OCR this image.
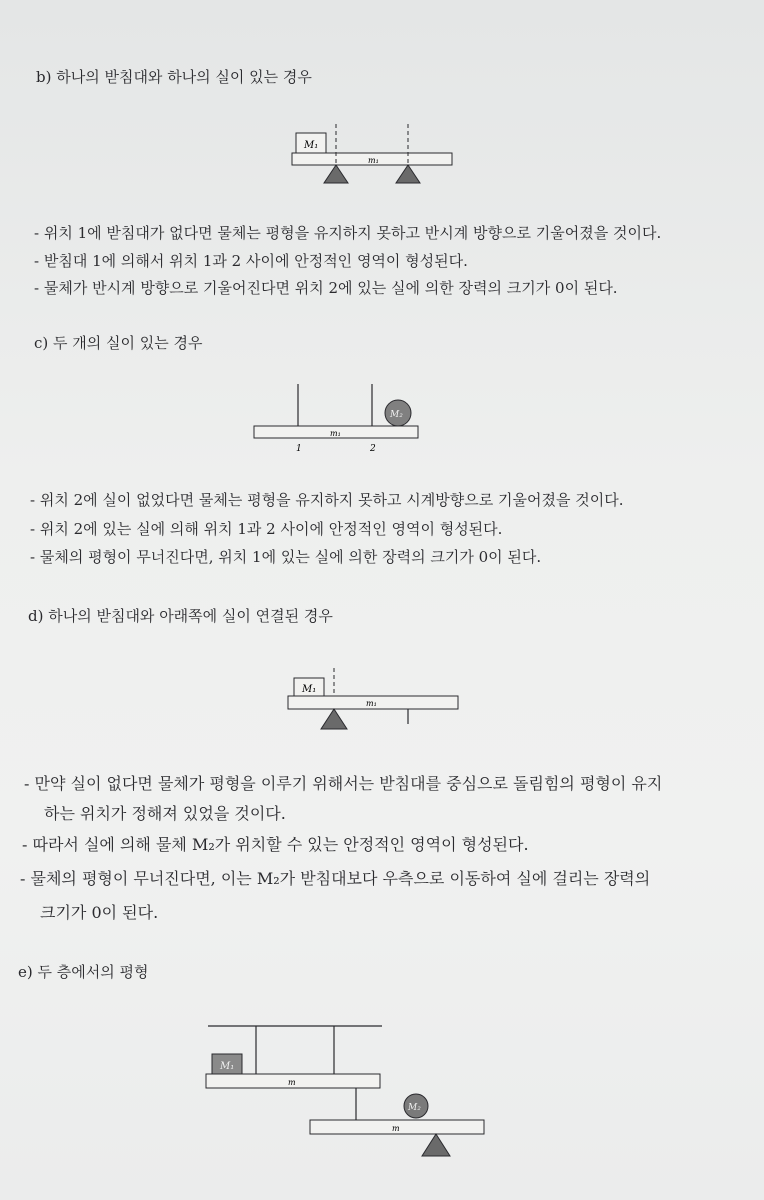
b) 하나의 받침대와 하나의 실이 있는 경우
M₁
m₁
- 위치 1에 받침대가 없다면 물체는 평형을 유지하지 못하고 반시계 방향으로 기울어졌을 것이다.
- 받침대 1에 의해서 위치 1과 2 사이에 안정적인 영역이 형성된다.
- 물체가 반시계 방향으로 기울어진다면 위치 2에 있는 실에 의한 장력의 크기가 0이 된다.
c) 두 개의 실이 있는 경우
M₂
m₁
1	2
- 위치 2에 실이 없었다면 물체는 평형을 유지하지 못하고 시계방향으로 기울어졌을 것이다.
- 위치 2에 있는 실에 의해 위치 1과 2 사이에 안정적인 영역이 형성된다.
- 물체의 평형이 무너진다면, 위치 1에 있는 실에 의한 장력의 크기가 0이 된다.
d) 하나의 받침대와 아래쪽에 실이 연결된 경우
M₁
m₁
- 만약 실이 없다면 물체가 평형을 이루기 위해서는 받침대를 중심으로 돌림힘의 평형이 유지
하는 위치가 정해져 있었을 것이다.
- 따라서 실에 의해 물체 M₂가 위치할 수 있는 안정적인 영역이 형성된다.
- 물체의 평형이 무너진다면, 이는 M₂가 받침대보다 우측으로 이동하여 실에 걸리는 장력의
크기가 0이 된다.
e) 두 층에서의 평형
M₁
m
M₂
m
